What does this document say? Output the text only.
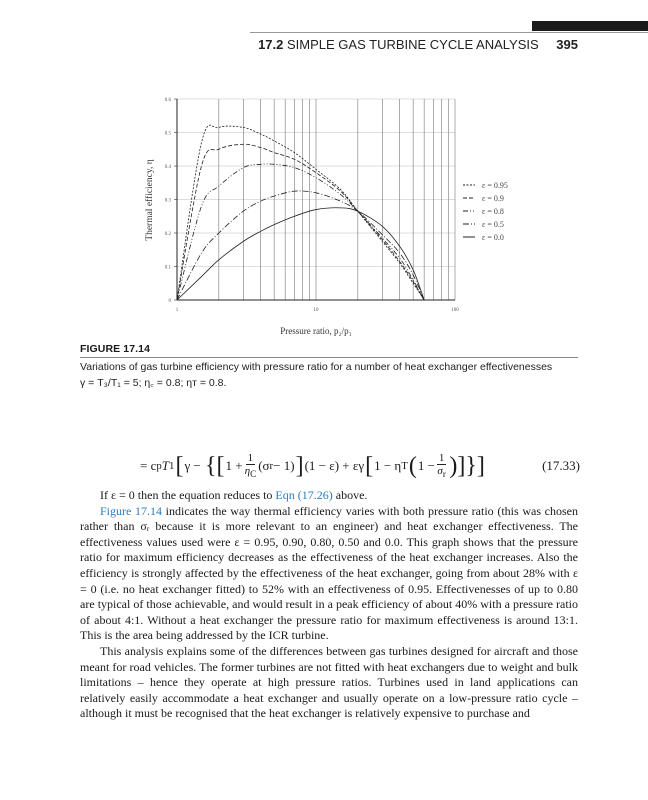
17.2 SIMPLE GAS TURBINE CYCLE ANALYSIS 395
0
0.1
0.2
0.3
0.4
0.5
0.6
1	10	100
ε = 0.95
ε = 0.9
ε = 0.8
ε = 0.5
ε = 0.0
Pressure ratio, p₂/p₁
Thermal efficiency, η
FIGURE 17.14
Variations of gas turbine efficiency with pressure ratio for a number of heat exchanger effectivenesses
γ = T₃/T₁ = 5; η꜀ = 0.8; ηᴛ = 0.8.
= c p T 1 [ γ −
{[ $1 + \frac{1}{\eta_C} (\sigma$ r − 1) ] (1 − ε) + εγ [ 1 − η T ( $1 - \frac{1}{\sigma_r}$ )]}]	(17.33)

If ε = 0 then the equation reduces to Eqn (17.26) above.

Figure 17.14 indicates the way thermal efficiency varies with both pressure ratio (this was chosen rather than σᵣ because it is more relevant to an engineer) and heat exchanger effectiveness. The effectiveness values used were ε = 0.95, 0.90, 0.80, 0.50 and 0.0. This graph shows that the pressure ratio for maximum efficiency decreases as the effectiveness of the heat exchanger increases. Also the efficiency is strongly affected by the effectiveness of the heat exchanger, going from about 28% with ε = 0 (i.e. no heat exchanger fitted) to 52% with an effectiveness of 0.95. Effectivenesses of up to 0.80 are typical of those achievable, and would result in a peak efficiency of about 40% with a pressure ratio of about 4:1. Without a heat exchanger the pressure ratio for maximum effectiveness is around 13:1. This is the area being addressed by the ICR turbine.

This analysis explains some of the differences between gas turbines designed for aircraft and those meant for road vehicles. The former turbines are not fitted with heat exchangers due to weight and bulk limitations – hence they operate at high pressure ratios. Turbines used in land applications can relatively easily accommodate a heat exchanger and usually operate on a low-pressure ratio cycle – although it must be recognised that the heat exchanger is relatively expensive to purchase and
